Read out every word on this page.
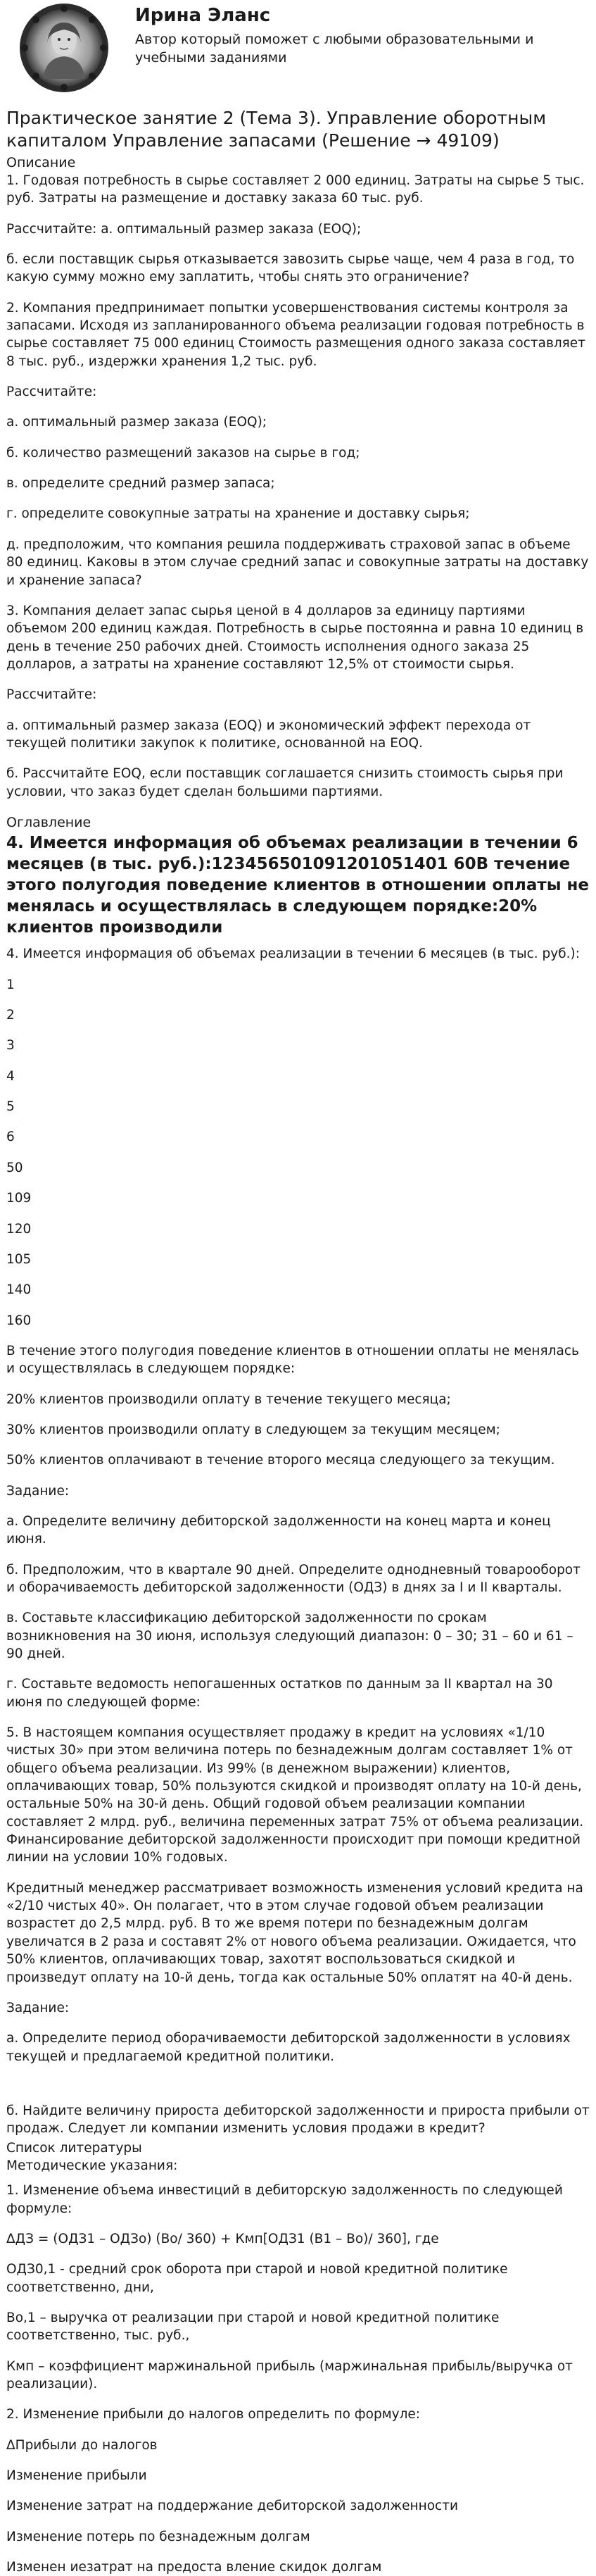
Ирина Эланс

Автор который поможет с любыми образовательными и учебными заданиями

Практическое занятие 2 (Тема 3). Управление оборотным капиталом Управление запасами (Решение → 49109)
Описание

1. Годовая потребность в сырье составляет 2 000 единиц. Затраты на сырье 5 тыс. руб. Затраты на размещение и доставку заказа 60 тыс. руб.

Рассчитайте: а. оптимальный размер заказа (EOQ);

б. если поставщик сырья отказывается завозить сырье чаще, чем 4 раза в год, то какую сумму можно ему заплатить, чтобы снять это ограничение?

2. Компания предпринимает попытки усовершенствования системы контроля за запасами. Исходя из запланированного объема реализации годовая потребность в сырье составляет 75 000 единиц Стоимость размещения одного заказа составляет 8 тыс. руб., издержки хранения 1,2 тыс. руб.

Рассчитайте:

а. оптимальный размер заказа (EOQ);

б. количество размещений заказов на сырье в год;

в. определите средний размер запаса;

г. определите совокупные затраты на хранение и доставку сырья;

д. предположим, что компания решила поддерживать страховой запас в объеме 80 единиц. Каковы в этом случае средний запас и совокупные затраты на доставку и хранение запаса?

3. Компания делает запас сырья ценой в 4 долларов за единицу партиями объемом 200 единиц каждая. Потребность в сырье постоянна и равна 10 единиц в день в течение 250 рабочих дней. Стоимость исполнения одного заказа 25 долларов, а затраты на хранение составляют 12,5% от стоимости сырья.

Рассчитайте:

а. оптимальный размер заказа (EOQ) и экономический эффект перехода от текущей политики закупок к политике, основанной на EOQ.

б. Рассчитайте EOQ, если поставщик соглашается снизить стоимость сырья при условии, что заказ будет сделан большими партиями.

Оглавление
4. Имеется информация об объемах реализации в течении 6 месяцев (в тыс. руб.):123456501091201051401 60В течение этого полугодия поведение клиентов в отношении оплаты не менялась и осуществлялась в следующем порядке:20% клиентов производили

4. Имеется информация об объемах реализации в течении 6 месяцев (в тыс. руб.):

1

2

3

4

5

6

50

109

120

105

140

160

В течение этого полугодия поведение клиентов в отношении оплаты не менялась и осуществлялась в следующем порядке:

20% клиентов производили оплату в течение текущего месяца;

30% клиентов производили оплату в следующем за текущим месяцем;

50% клиентов оплачивают в течение второго месяца следующего за текущим.

Задание:

а. Определите величину дебиторской задолженности на конец марта и конец июня.

б. Предположим, что в квартале 90 дней. Определите однодневный товарооборот и оборачиваемость дебиторской задолженности (ОДЗ) в днях за I и II кварталы.

в. Составьте классификацию дебиторской задолженности по срокам возникновения на 30 июня, используя следующий диапазон: 0 – 30; 31 – 60 и 61 – 90 дней.

г. Составьте ведомость непогашенных остатков по данным за II квартал на 30 июня по следующей форме:

5. В настоящем компания осуществляет продажу в кредит на условиях «1/10 чистых 30» при этом величина потерь по безнадежным долгам составляет 1% от общего объема реализации. Из 99% (в денежном выражении) клиентов, оплачивающих товар, 50% пользуются скидкой и производят оплату на 10-й день, остальные 50% на 30-й день. Общий годовой объем реализации компании составляет 2 млрд. руб., величина переменных затрат 75% от объема реализации. Финансирование дебиторской задолженности происходит при помощи кредитной линии на условии 10% годовых.

Кредитный менеджер рассматривает возможность изменения условий кредита на «2/10 чистых 40». Он полагает, что в этом случае годовой объем реализации возрастет до 2,5 млрд. руб. В то же время потери по безнадежным долгам увеличатся в 2 раза и составят 2% от нового объема реализации. Ожидается, что 50% клиентов, оплачивающих товар, захотят воспользоваться скидкой и произведут оплату на 10-й день, тогда как остальные 50% оплатят на 40-й день.

Задание:

а. Определите период оборачиваемости дебиторской задолженности в условиях текущей и предлагаемой кредитной политики.

б. Найдите величину прироста дебиторской задолженности и прироста прибыли от продаж. Следует ли компании изменить условия продажи в кредит?

Список литературы
Методические указания:

1. Изменение объема инвестиций в дебиторскую задолженность по следующей формуле:

ΔДЗ = (ОДЗ1 – ОДЗо) (Во/ 360) + Кмп[ОДЗ1 (В1 – Во)/ 360], где

ОДЗ0,1 - средний срок оборота при старой и новой кредитной политике соответственно, дни,

Во,1 – выручка от реализации при старой и новой кредитной политике соответственно, тыс. руб.,

Кмп – коэффициент маржинальной прибыль (маржинальная прибыль/выручка от реализации).

2. Изменение прибыли до налогов определить по формуле:

ΔПрибыли до налогов

Изменение прибыли

Изменение затрат на поддержание дебиторской задолженности

Изменение потерь по безнадежным долгам

Изменен иезатрат на предоста вление скидок долгам
